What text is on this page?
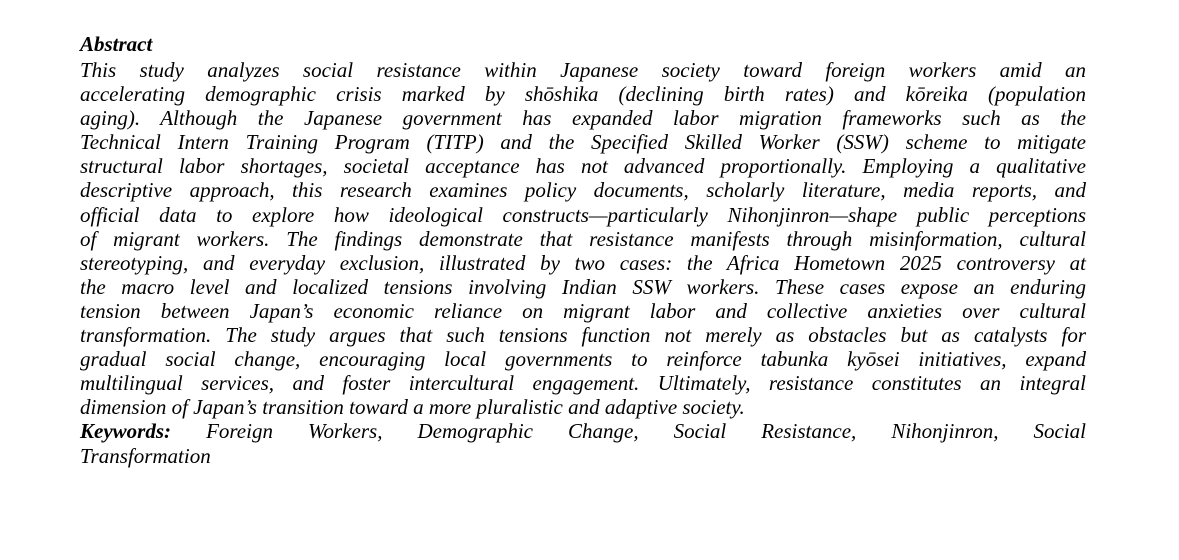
Abstract
This study analyzes social resistance within Japanese society toward foreign workers amid an
accelerating demographic crisis marked by shōshika (declining birth rates) and kōreika (population
aging). Although the Japanese government has expanded labor migration frameworks such as the
Technical Intern Training Program (TITP) and the Specified Skilled Worker (SSW) scheme to mitigate
structural labor shortages, societal acceptance has not advanced proportionally. Employing a qualitative
descriptive approach, this research examines policy documents, scholarly literature, media reports, and
official data to explore how ideological constructs—particularly Nihonjinron—shape public perceptions
of migrant workers. The findings demonstrate that resistance manifests through misinformation, cultural
stereotyping, and everyday exclusion, illustrated by two cases: the Africa Hometown 2025 controversy at
the macro level and localized tensions involving Indian SSW workers. These cases expose an enduring
tension between Japan’s economic reliance on migrant labor and collective anxieties over cultural
transformation. The study argues that such tensions function not merely as obstacles but as catalysts for
gradual social change, encouraging local governments to reinforce tabunka kyōsei initiatives, expand
multilingual services, and foster intercultural engagement. Ultimately, resistance constitutes an integral
dimension of Japan’s transition toward a more pluralistic and adaptive society.
Keywords: Foreign Workers, Demographic Change, Social Resistance, Nihonjinron, Social
Transformation
